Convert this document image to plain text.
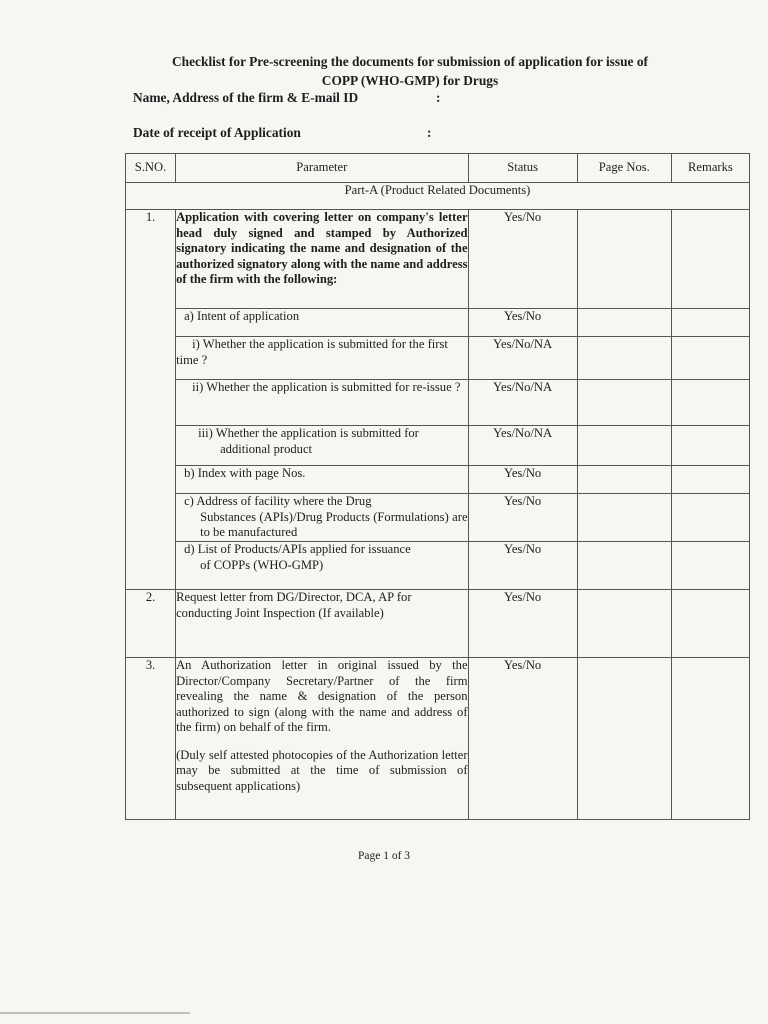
Checklist for Pre-screening the documents for submission of application for issue of
COPP (WHO-GMP) for Drugs
Name, Address of the firm & E-mail ID	:
Date of receipt of Application	:
S.NO.	Parameter	Status	Page Nos.	Remarks
Part-A (Product Related Documents)				
1.	Application with covering letter on company's letter head duly signed and stamped by Authorized signatory indicating the name and designation of the authorized signatory along with the name and address of the firm with the following:	Yes/No		
	a) Intent of application	Yes/No		
	i) Whether the application is submitted for the first time ?	Yes/No/NA		
	ii) Whether the application is submitted for re-issue ?	Yes/No/NA		

	iii) Whether the application is submitted for
additional product	Yes/No/NA		
	b) Index with page Nos.	Yes/No		

	c) Address of facility where the Drug
Substances (APIs)/Drug Products (Formulations) are to be manufactured	Yes/No		

	d) List of Products/APIs applied for issuance
of COPPs (WHO-GMP)	Yes/No		
2.	Request letter from DG/Director, DCA, AP for conducting Joint Inspection (If available)	Yes/No		
3.	An Authorization letter in original issued by the Director/Company Secretary/Partner of the firm revealing the name & designation of the person authorized to sign (along with the name and address of the firm) on behalf of the firm.
(Duly self attested photocopies of the Authorization letter may be submitted at the time of submission of subsequent applications)	Yes/No		
Page 1 of 3
